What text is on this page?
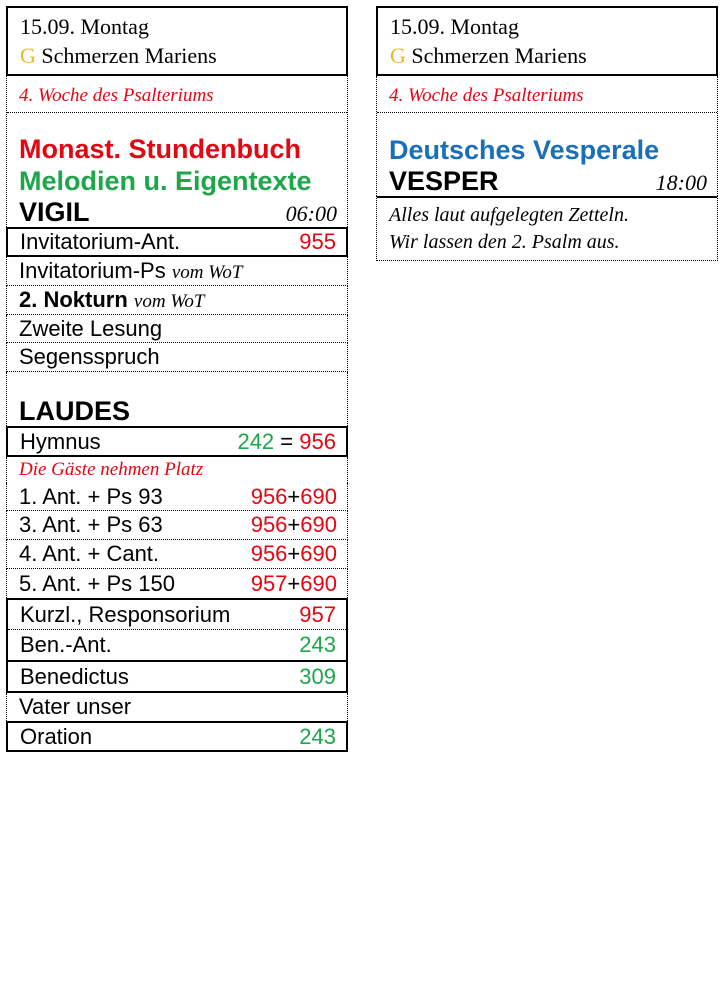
15.09. Montag
G Schmerzen Mariens
4. Woche des Psalteriums
Monast. Stundenbuch
Melodien u. Eigentexte
VIGIL	06:00
Invitatorium-Ant.	955
Invitatorium-Ps vom WoT
2. Nokturn vom WoT
Zweite Lesung
Segensspruch
LAUDES
Hymnus	242 = 956
Die Gäste nehmen Platz
1. Ant. + Ps 93	956+690
3. Ant. + Ps 63	956+690
4. Ant. + Cant.	956+690
5. Ant. + Ps 150	957+690
Kurzl., Responsorium	957
Ben.-Ant.	243
Benedictus	309
Vater unser
Oration	243
15.09. Montag
G Schmerzen Mariens
4. Woche des Psalteriums
Deutsches Vesperale
VESPER	18:00
Alles laut aufgelegten Zetteln.
Wir lassen den 2. Psalm aus.
